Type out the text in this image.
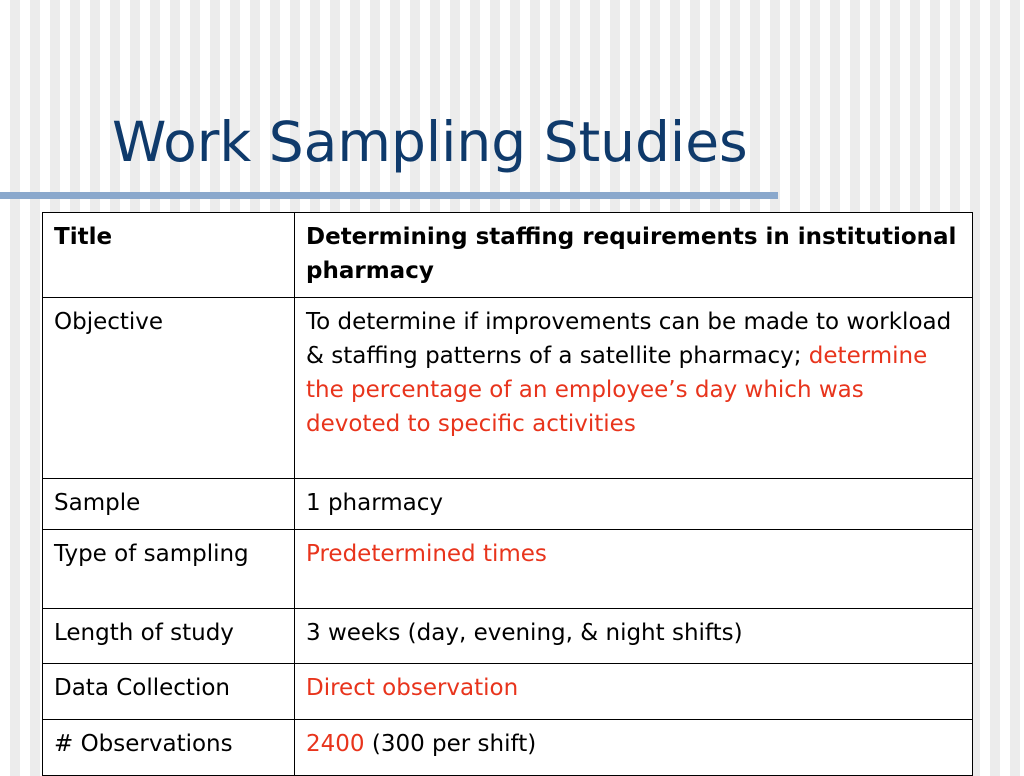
Work Sampling Studies
Title	Determining staffing requirements in institutional pharmacy
Objective	To determine if improvements can be made to workload & staffing patterns of a satellite pharmacy; determine the percentage of an employee’s day which was devoted to specific activities
Sample	1 pharmacy
Type of sampling	Predetermined times
Length of study	3 weeks (day, evening, & night shifts)
Data Collection	Direct observation
# Observations	2400 (300 per shift)
